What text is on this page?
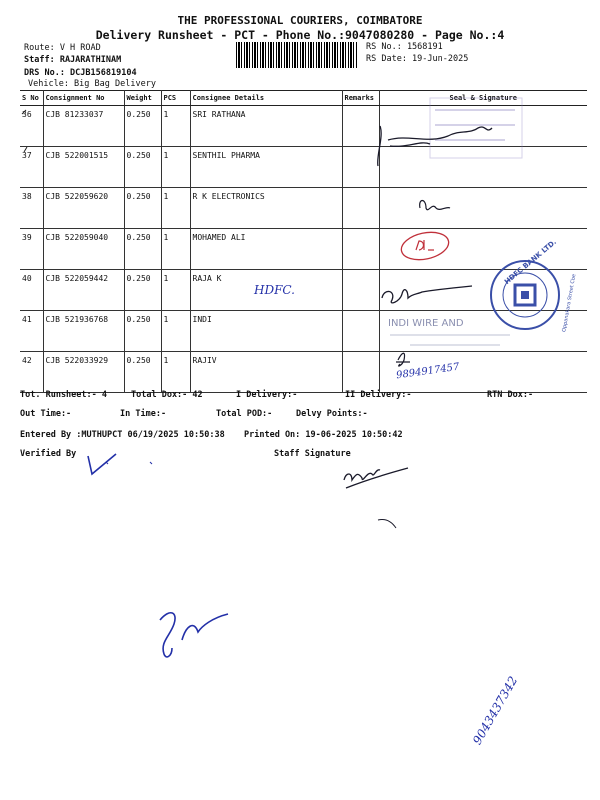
THE PROFESSIONAL COURIERS, COIMBATORE
Delivery Runsheet - PCT - Phone No.:9047080280 - Page No.:4
Route: V H ROAD
Staff: RAJARATHINAM
DRS No.: DCJB156819104
Vehicle: Big Bag Delivery
RS No.: 1568191
RS Date: 19-Jun-2025
S No	Consignment No	Weight	PCS	Consignee Details	Remarks	Seal & Signature
36	CJB 81233037	0.250	1	SRI RATHANA		
37	CJB 522001515	0.250	1	SENTHIL PHARMA		
38	CJB 522059620	0.250	1	R K ELECTRONICS		
39	CJB 522059040	0.250	1	MOHAMED ALI		
40	CJB 522059442	0.250	1	RAJA K		
41	CJB 521936768	0.250	1	INDI		
42	CJB 522033929	0.250	1	RAJIV		
Tot. Runsheet:- 4	Total Dox:- 42	I Delivery:-	II Delivery:-	RTN Dox:-
Out Time:-	In Time:-	Total POD:-	Delvy Points:-
Entered By :MUTHUPCT 06/19/2025 10:50:38 Printed On: 19-06-2025 10:50:42
Verified By	Staff Signature
HDFC.
9894917457
HDFC BANK LTD.
Oppanakara Street Cbe
INDI WIRE AND
9043437342
